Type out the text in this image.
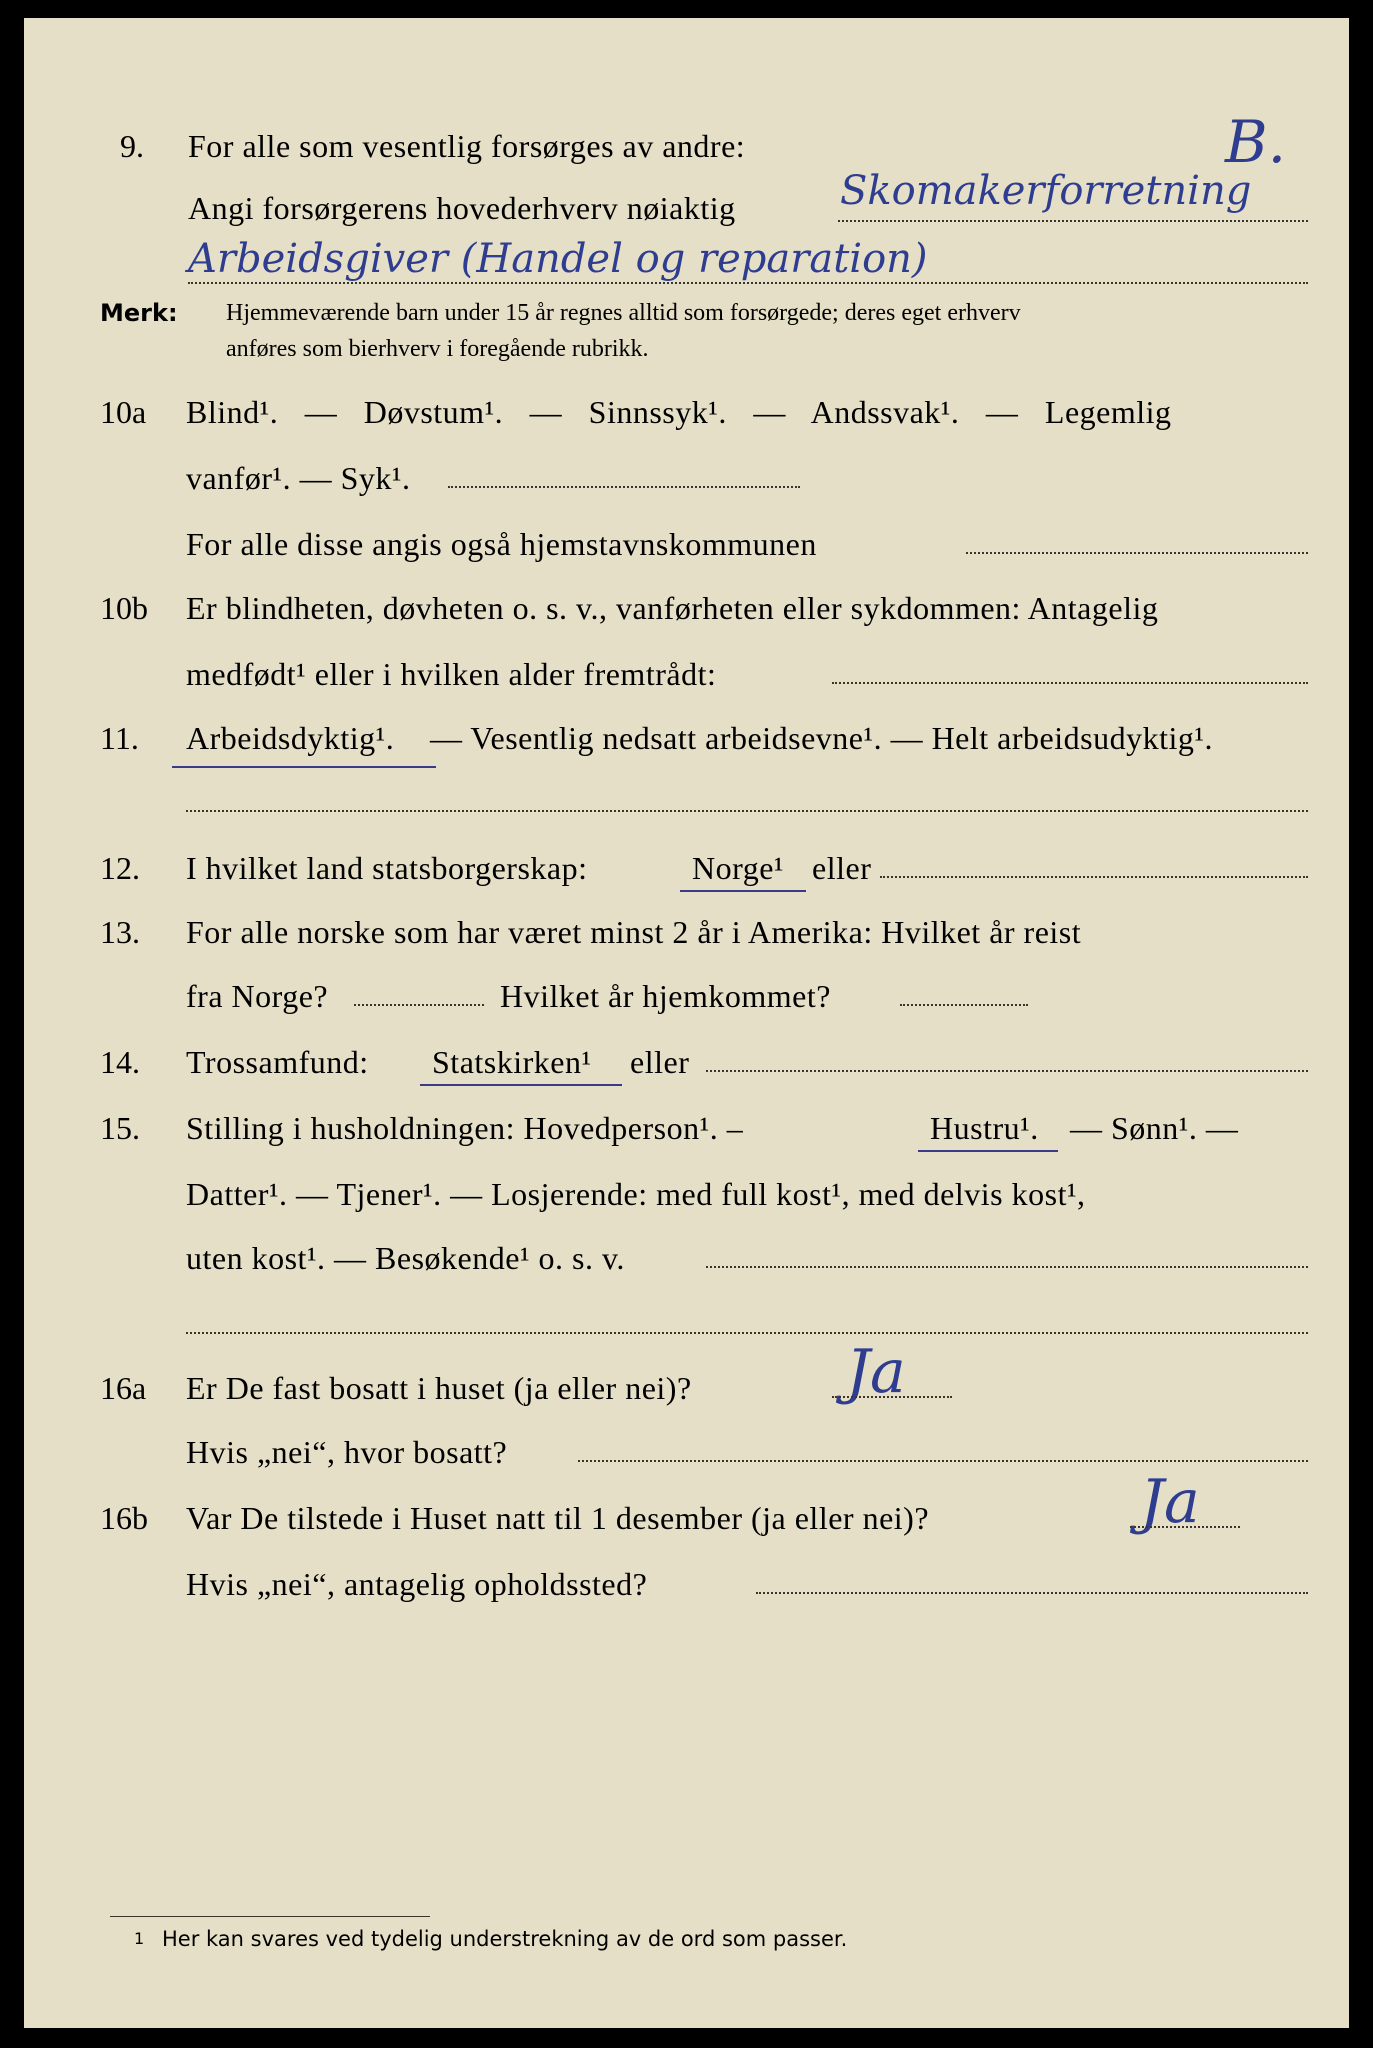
9. For alle som vesentlig forsørges av andre:	B.
Angi forsørgerens hovederhverv nøiaktig	Skomakerforretning
Arbeidsgiver (Handel og reparation)
Merk: Hjemmeværende barn under 15 år regnes alltid som forsørgede; deres eget erhverv
anføres som bierhverv i foregående rubrikk.
10a Blind¹. — Døvstum¹. — Sinnssyk¹. — Andssvak¹. — Legemlig
vanfør¹. — Syk¹.
For alle disse angis også hjemstavnskommunen
10b Er blindheten, døvheten o. s. v., vanførheten eller sykdommen: Antagelig
medfødt¹ eller i hvilken alder fremtrådt:
11. Arbeidsdyktig¹. — Vesentlig nedsatt arbeidsevne¹. — Helt arbeidsudyktig¹.
12. I hvilket land statsborgerskap:	Norge¹ eller
13. For alle norske som har været minst 2 år i Amerika: Hvilket år reist
fra Norge?	Hvilket år hjemkommet?
14. Trossamfund: Statskirken¹ eller
15. Stilling i husholdningen: Hovedperson¹. –	Hustru¹. — Sønn¹. —
Datter¹. — Tjener¹. — Losjerende: med full kost¹, med delvis kost¹,
uten kost¹. — Besøkende¹ o. s. v.
16a Er De fast bosatt i huset (ja eller nei)?	Ja
Hvis „nei“, hvor bosatt?
16b Var De tilstede i Huset natt til 1 desember (ja eller nei)?	Ja
Hvis „nei“, antagelig opholdssted?
1 Her kan svares ved tydelig understrekning av de ord som passer.
